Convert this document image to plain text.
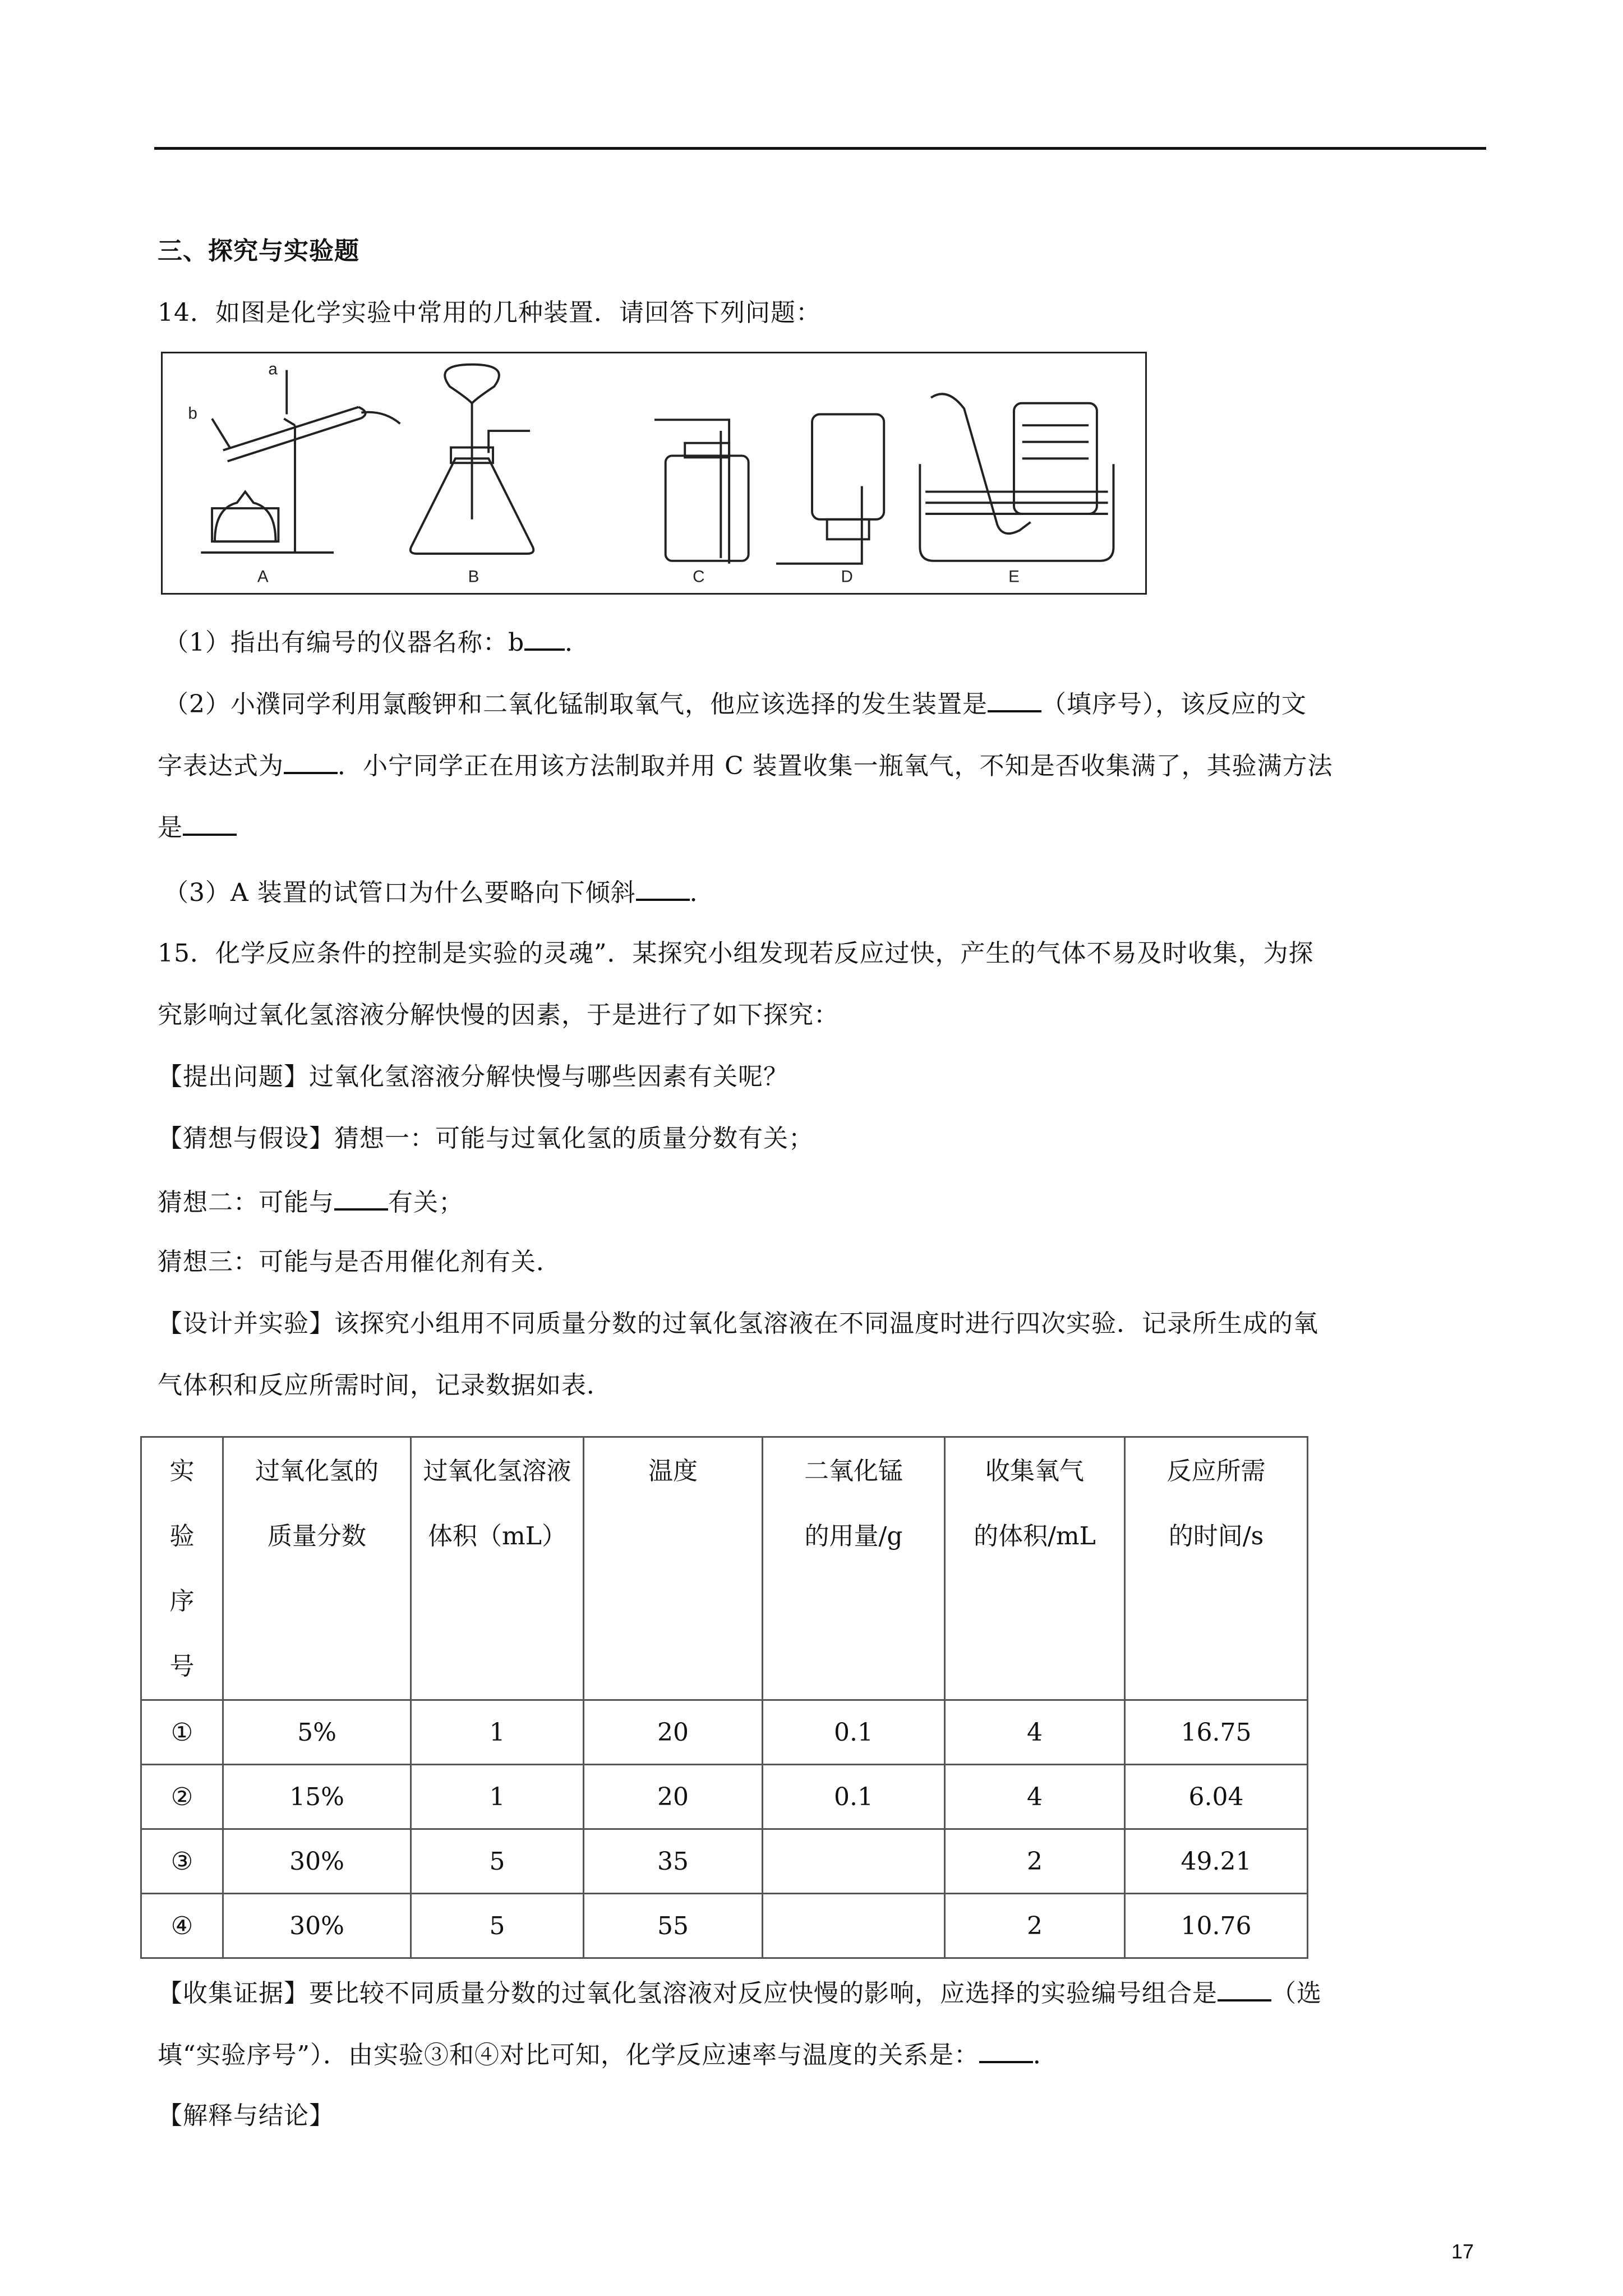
三、探究与实验题
14．如图是化学实验中常用的几种装置．请回答下列问题：
a
b
A	B	C	D	E
（1）指出有编号的仪器名称：b ．
（2）小濮同学利用氯酸钾和二氧化锰制取氧气，他应该选择的发生装置是 （填序号），该反应的文
字表达式为 ．小宁同学正在用该方法制取并用 C 装置收集一瓶氧气，不知是否收集满了，其验满方法
是
（3）A 装置的试管口为什么要略向下倾斜 ．
15．化学反应条件的控制是实验的灵魂”．某探究小组发现若反应过快，产生的气体不易及时收集，为探
究影响过氧化氢溶液分解快慢的因素，于是进行了如下探究：
【提出问题】过氧化氢溶液分解快慢与哪些因素有关呢？
【猜想与假设】猜想一：可能与过氧化氢的质量分数有关；
猜想二：可能与 有关；
猜想三：可能与是否用催化剂有关．
【设计并实验】该探究小组用不同质量分数的过氧化氢溶液在不同温度时进行四次实验．记录所生成的氧
气体积和反应所需时间，记录数据如表．
实
验
序
号	过氧化氢的
质量分数	过氧化氢溶液
体积（mL）	温度	二氧化锰
的用量/g	收集氧气
的体积/mL	反应所需
的时间/s

①	5%	1	20	0.1	4	16.75
②	15%	1	20	0.1	4	6.04
③	30%	5	35		2	49.21
④	30%	5	55		2	10.76
【收集证据】要比较不同质量分数的过氧化氢溶液对反应快慢的影响，应选择的实验编号组合是 （选
填“实验序号”）．由实验③和④对比可知，化学反应速率与温度的关系是： ．
【解释与结论】
17
